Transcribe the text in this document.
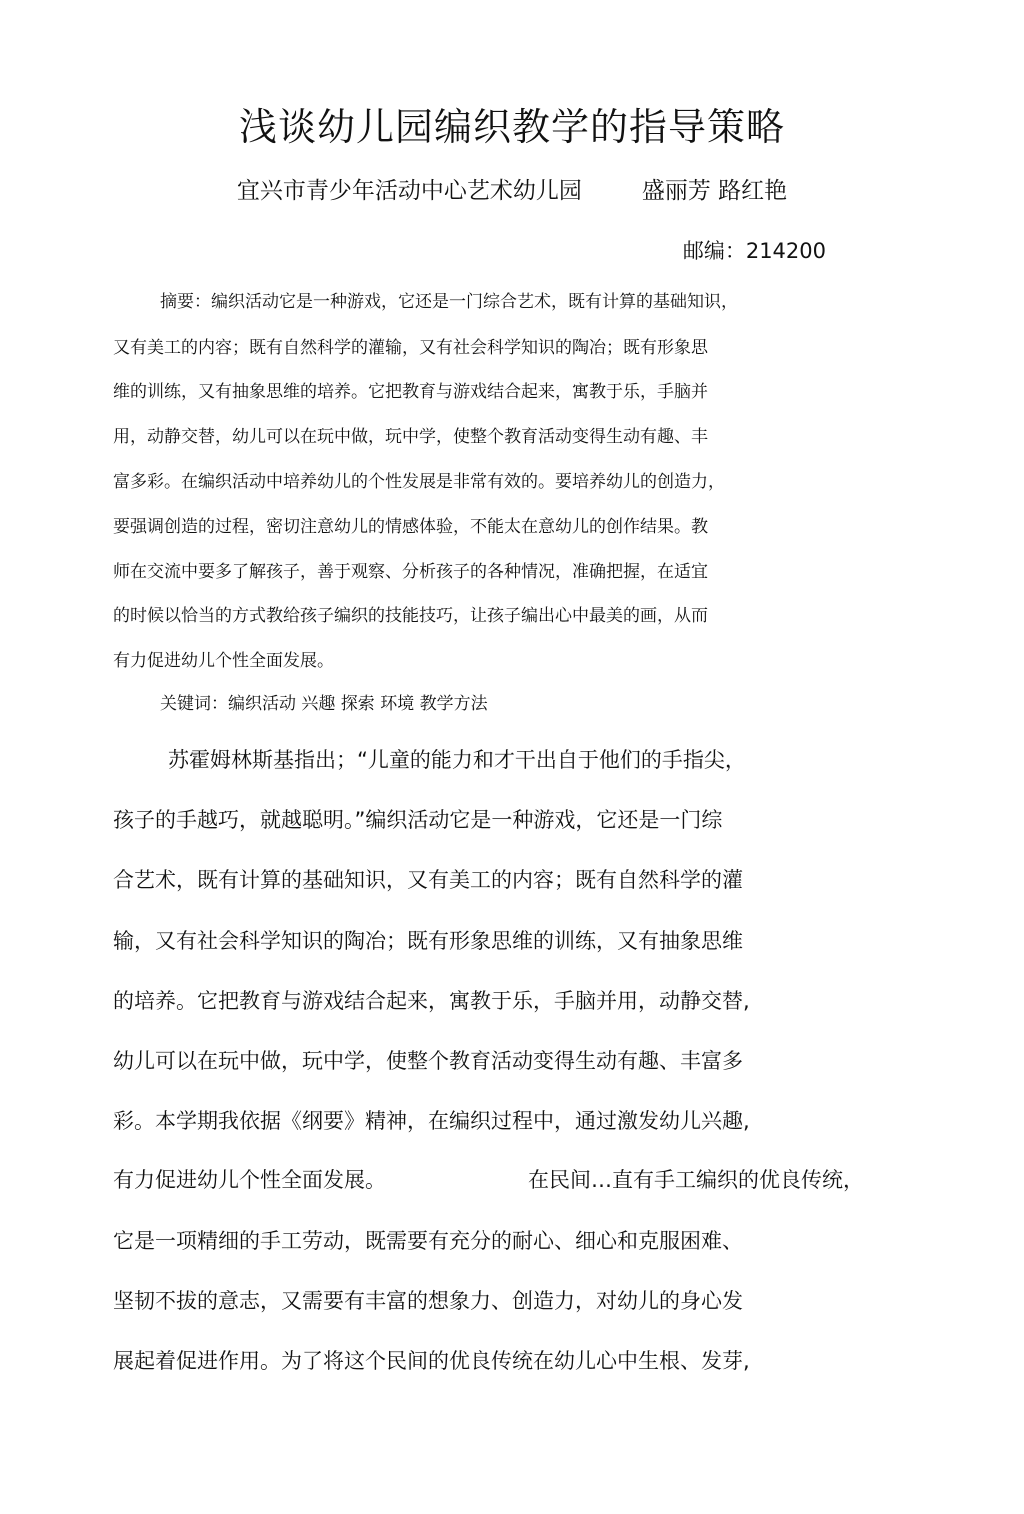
浅谈幼儿园编织教学的指导策略
宜兴市青少年活动中心艺术幼儿园	盛丽芳 路红艳
邮编：214200
摘要：编织活动它是一种游戏，它还是一门综合艺术，既有计算的基础知识，
又有美工的内容；既有自然科学的灌输，又有社会科学知识的陶冶；既有形象思
维的训练，又有抽象思维的培养。它把教育与游戏结合起来，寓教于乐，手脑并
用，动静交替，幼儿可以在玩中做，玩中学，使整个教育活动变得生动有趣、丰
富多彩。在编织活动中培养幼儿的个性发展是非常有效的。要培养幼儿的创造力，
要强调创造的过程，密切注意幼儿的情感体验，不能太在意幼儿的创作结果。教
师在交流中要多了解孩子，善于观察、分析孩子的各种情况，准确把握，在适宜
的时候以恰当的方式教给孩子编织的技能技巧，让孩子编出心中最美的画，从而
有力促进幼儿个性全面发展。
关键词：编织活动 兴趣 探索 环境 教学方法
苏霍姆林斯基指出；“儿童的能力和才干出自于他们的手指尖，
孩子的手越巧，就越聪明。”编织活动它是一种游戏，它还是一门综
合艺术，既有计算的基础知识，又有美工的内容；既有自然科学的灌
输，又有社会科学知识的陶冶；既有形象思维的训练，又有抽象思维
的培养。它把教育与游戏结合起来，寓教于乐，手脑并用，动静交替,
幼儿可以在玩中做，玩中学，使整个教育活动变得生动有趣、丰富多
彩。本学期我依据《纲要》精神，在编织过程中，通过激发幼儿兴趣,
有力促进幼儿个性全面发展。	在民间…直有手工编织的优良传统，
它是一项精细的手工劳动，既需要有充分的耐心、细心和克服困难、
坚韧不拔的意志，又需要有丰富的想象力、创造力，对幼儿的身心发
展起着促进作用。为了将这个民间的优良传统在幼儿心中生根、发芽,
